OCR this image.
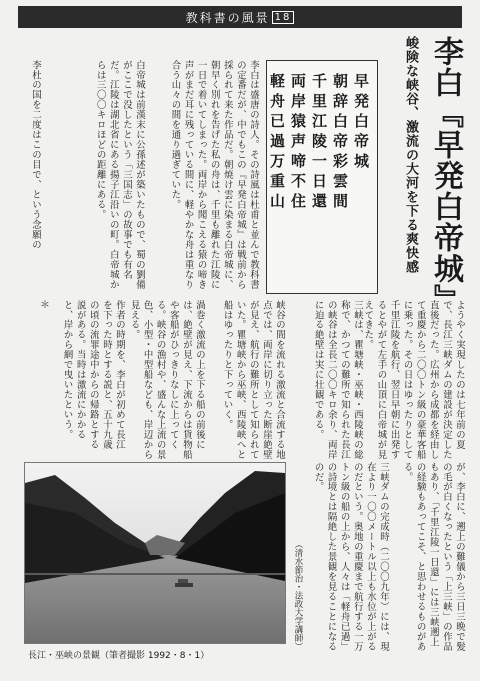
教科書の風景 18
李白『早発白帝城』
峻険な峡谷、激流の大河を下る爽快感
早発白帝城
朝辞白帝彩雲間
千里江陵一日還
両岸猿声啼不住
軽舟已過万重山
李白は盛唐の詩人。その詩風は杜甫と並んで教科書の定番だが、中でもこの『早発白帝城』は戦前から採られて来た作品だ。朝焼け雲に染まる白帝城に、朝早く別れを告げた私の舟は、千里も離れた江陵に一日で着いてしまった。両岸から聞こえる猿の啼き声がまだ耳に残っている間に、軽やかな舟は重なり合う山々の間を通り過ぎていた。
白帝城は前漢末に公孫述が築いたもので、蜀の劉備がここで没したという「三国志」の故事でも有名だ。江陵は湖北省にある揚子江沿いの町。白帝城からは三〇〇キロほどの距離にある。
李杜の国を二度はこの目で、という念願の
＊	ようやく実現したのは七年前の夏で、長江三峡ダムの建設が決定した直後だった。広州から成都を経由して重慶から二〇〇トン級の豪華客船に乗った。その日はゆったりとして千里江陵を航行、翌日早朝に出発するとやがて左手の山頂に白帝城が見えてきた。
三峡は、瞿塘峡・巫峡・西陵峡の総称で、かつての難所で知られた長江の峡谷は全長二〇〇キロ余り、両岸に迫る絶壁は実に壮観である。
峡谷の間を流れる激流と合流する地点では、両岸に切り立った断崖絶壁が見え、航行の難所として知られていた。瞿塘峡から巫峡、西陵峡へと船はゆったりと下っていく。
渦巻く激流の上を下る船の前後には、絶壁が見え、下流からは貨物船や客船がひっきりなしに上ってくる。峡谷の漁村や、盛んな上流の景色、小型・中型船なども、岸辺から見える。
作者の時期を、李白が初めて長江を下った時とする説と、五十九歳の頃の流罪途中からの帰路とする説がある。当時は激流にかかると、岸から網で曳いたという。
が、李白に、遡上の難儀から三日三晩で髪の毛が白くなったという「上三峡」の作品もあり、「千里江陵一日還」には三峡遡上の経験もあってこそ、と思わせるものがある。
三峡ダムの完成時（二〇〇九年）には、現在より一〇〇メートル以上も水位が上がるのだという。奥地の重慶まで航行する一万トン級の船の上から、人々は「軽舟已過」の詩境とは隔絶した景観を見ることになるのだ。
（清水節治・法政大学講師）
長江・巫峡の景観（筆者撮影 1992・8・1）
